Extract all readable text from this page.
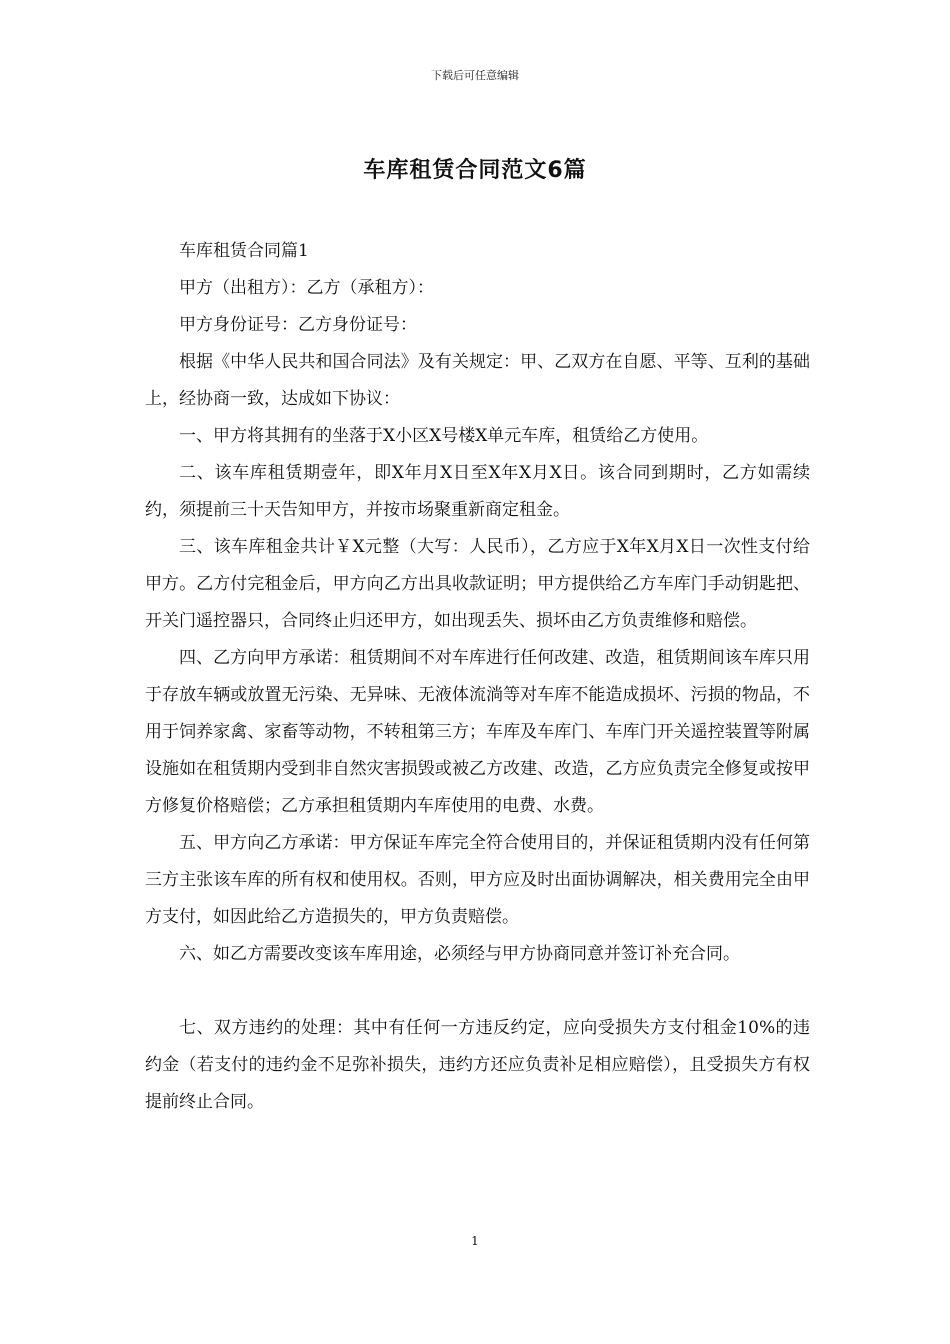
下载后可任意编辑
车库租赁合同范文6篇

车库租赁合同篇1

甲方（出租方）：乙方（承租方）：

甲方身份证号：乙方身份证号：

根据《中华人民共和国合同法》及有关规定：甲、乙双方在自愿、平等、互利的基础上，经协商一致，达成如下协议：

一、甲方将其拥有的坐落于X小区X号楼X单元车库，租赁给乙方使用。

二、该车库租赁期壹年，即X年月X日至X年X月X日。该合同到期时，乙方如需续约，须提前三十天告知甲方，并按市场聚重新商定租金。

三、该车库租金共计￥X元整（大写：人民币），乙方应于X年X月X日一次性支付给甲方。乙方付完租金后，甲方向乙方出具收款证明；甲方提供给乙方车库门手动钥匙把、开关门遥控器只，合同终止归还甲方，如出现丢失、损坏由乙方负责维修和赔偿。

四、乙方向甲方承诺：租赁期间不对车库进行任何改建、改造，租赁期间该车库只用于存放车辆或放置无污染、无异味、无液体流淌等对车库不能造成损坏、污损的物品，不用于饲养家禽、家畜等动物，不转租第三方；车库及车库门、车库门开关遥控装置等附属设施如在租赁期内受到非自然灾害损毁或被乙方改建、改造，乙方应负责完全修复或按甲方修复价格赔偿；乙方承担租赁期内车库使用的电费、水费。

五、甲方向乙方承诺：甲方保证车库完全符合使用目的，并保证租赁期内没有任何第三方主张该车库的所有权和使用权。否则，甲方应及时出面协调解决，相关费用完全由甲方支付，如因此给乙方造损失的，甲方负责赔偿。

六、如乙方需要改变该车库用途，必须经与甲方协商同意并签订补充合同。

七、双方违约的处理：其中有任何一方违反约定，应向受损失方支付租金10%的违约金（若支付的违约金不足弥补损失，违约方还应负责补足相应赔偿），且受损失方有权提前终止合同。

1
